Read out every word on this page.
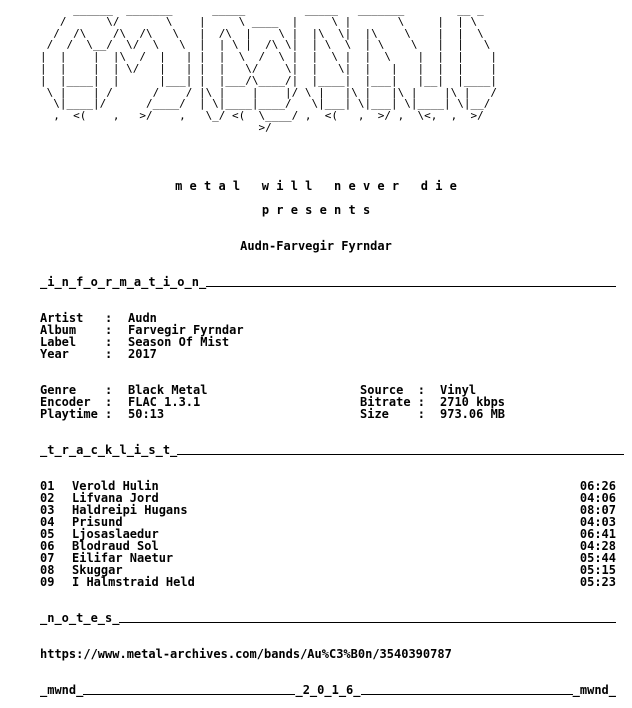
______  _______      _____         _____   _______        __ _
/      \/       \    |     \ ____  |     \ |       \     |  | \
/  /\    /\  /\   \   |  /\  |    \ |  |\  \|  |\    \    |  |  \
/  /  \__/  \/  \   \  |  | \ |  /\ \|  | \  \  | \    \   |  |   \
|  |    |  |\  /  |   | |  |  \  /  \ |  |  \ |  |  \    |  |  |    |
|  |    |  | \/   |   | |  |   \/    \|  |   \|  |   |   |  |  |    |
|  |____|  |      |___| |  |___/\____/|  |____|  |___|   |__|  |____|
\ |    | /      /    / |\ |    |    |/ \ |   |\ |   |\ |    |\ |   /
\|____|/      /____/  | \|____|____/   \|___| \|___| \|____| \|__/
,  <(    ,   >/    ,   \_/ <(  \____/ ,  <(   ,  >/ ,  \<,  ,  >/
>/
m e t a l   w i l l   n e v e r   d i e
p r e s e n t s
Audn-Farvegir Fyrndar
_i_n_f_o_r_m_a_t_i_o_n_
Artist   : Audn
Album    : Farvegir Fyrndar
Label    : Season Of Mist
Year     : 2017
Genre    : Black Metal
Encoder  : FLAC 1.3.1
Playtime : 50:13
Source  : Vinyl
Bitrate : 2710 kbps
Size    : 973.06 MB
_t_r_a_c_k_l_i_s_t_
01 Verold Hulin	06:26
02 Lifvana Jord	04:06
03 Haldreipi Hugans	08:07
04 Prisund	04:03
05 Ljosaslaedur	06:41
06 Blodraud Sol	04:28
07 Eilifar Naetur	05:44
08 Skuggar	05:15
09 I Halmstraid Held	05:23
_n_o_t_e_s_
https://www.metal-archives.com/bands/Au%C3%B0n/3540390787
_mwnd_	_2_0_1_6_	_mwnd_
